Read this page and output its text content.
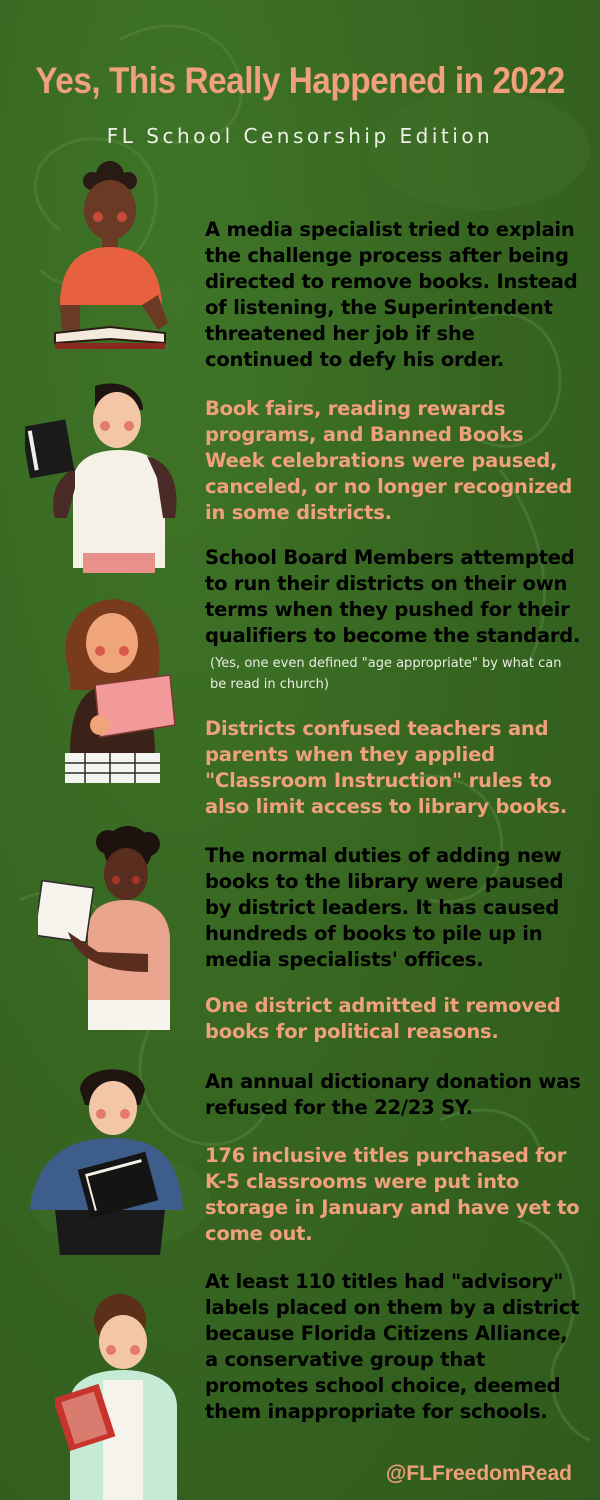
Yes, This Really Happened in 2022
FL School Censorship Edition

A media specialist tried to explain the challenge process after being directed to remove books. Instead of listening, the Superintendent threatened her job if she continued to defy his order.

Book fairs, reading rewards programs, and Banned Books Week celebrations were paused, canceled, or no longer recognized in some districts.

School Board Members attempted to run their districts on their own terms when they pushed for their qualifiers to become the standard.

(Yes, one even defined "age appropriate" by what can be read in church)

Districts confused teachers and parents when they applied "Classroom Instruction" rules to also limit access to library books.

The normal duties of adding new books to the library were paused by district leaders. It has caused hundreds of books to pile up in media specialists' offices.

One district admitted it removed books for political reasons.

An annual dictionary donation was refused for the 22/23 SY.

176 inclusive titles purchased for K-5 classrooms were put into storage in January and have yet to come out.

At least 110 titles had "advisory" labels placed on them by a district because Florida Citizens Alliance, a conservative group that promotes school choice, deemed them inappropriate for schools.

@FLFreedomRead
